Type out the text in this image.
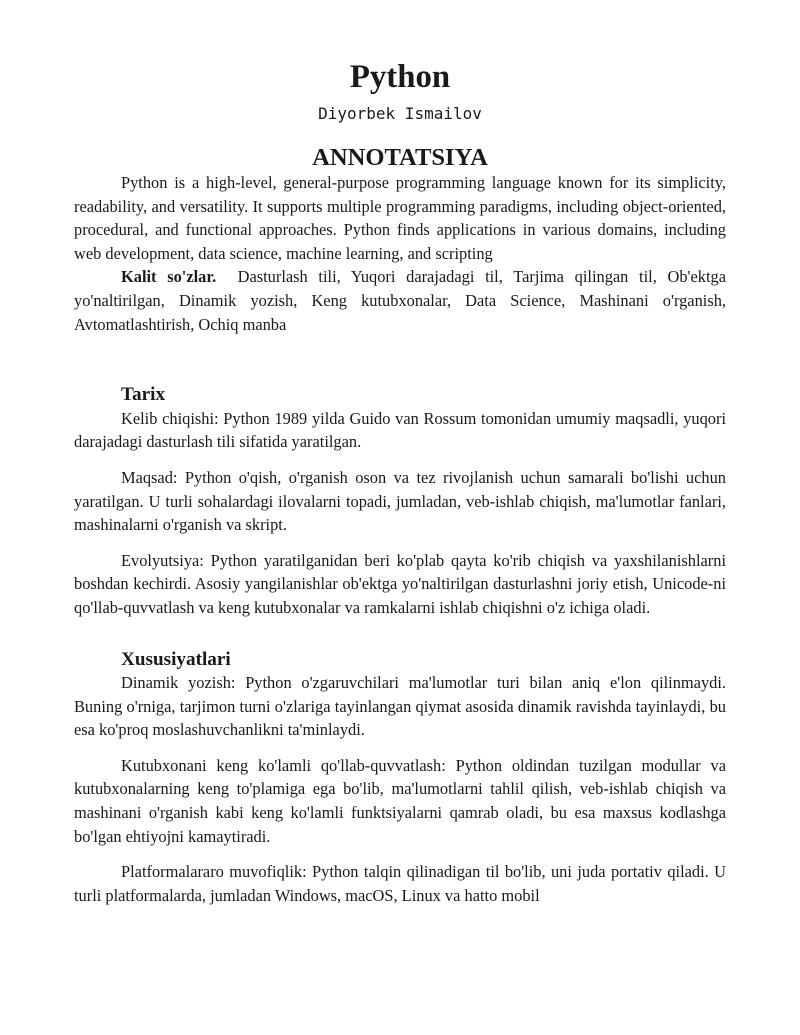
Python
Diyorbek Ismailov
ANNOTATSIYA

Python is a high-level, general-purpose programming language known for its simplicity, readability, and versatility. It supports multiple programming paradigms, including object-oriented, procedural, and functional approaches. Python finds applications in various domains, including web development, data science, machine learning, and scripting

Kalit so'zlar. Dasturlash tili, Yuqori darajadagi til, Tarjima qilingan til, Ob'ektga yo'naltirilgan, Dinamik yozish, Keng kutubxonalar, Data Science, Mashinani o'rganish, Avtomatlashtirish, Ochiq manba

Tarix

Kelib chiqishi: Python 1989 yilda Guido van Rossum tomonidan umumiy maqsadli, yuqori darajadagi dasturlash tili sifatida yaratilgan.

Maqsad: Python o'qish, o'rganish oson va tez rivojlanish uchun samarali bo'lishi uchun yaratilgan. U turli sohalardagi ilovalarni topadi, jumladan, veb-ishlab chiqish, ma'lumotlar fanlari, mashinalarni o'rganish va skript.

Evolyutsiya: Python yaratilganidan beri ko'plab qayta ko'rib chiqish va yaxshilanishlarni boshdan kechirdi. Asosiy yangilanishlar ob'ektga yo'naltirilgan dasturlashni joriy etish, Unicode-ni qo'llab-quvvatlash va keng kutubxonalar va ramkalarni ishlab chiqishni o'z ichiga oladi.

Xususiyatlari

Dinamik yozish: Python o'zgaruvchilari ma'lumotlar turi bilan aniq e'lon qilinmaydi. Buning o'rniga, tarjimon turni o'zlariga tayinlangan qiymat asosida dinamik ravishda tayinlaydi, bu esa ko'proq moslashuvchanlikni ta'minlaydi.

Kutubxonani keng ko'lamli qo'llab-quvvatlash: Python oldindan tuzilgan modullar va kutubxonalarning keng to'plamiga ega bo'lib, ma'lumotlarni tahlil qilish, veb-ishlab chiqish va mashinani o'rganish kabi keng ko'lamli funktsiyalarni qamrab oladi, bu esa maxsus kodlashga bo'lgan ehtiyojni kamaytiradi.

Platformalararo muvofiqlik: Python talqin qilinadigan til bo'lib, uni juda portativ qiladi. U turli platformalarda, jumladan Windows, macOS, Linux va hatto mobil
